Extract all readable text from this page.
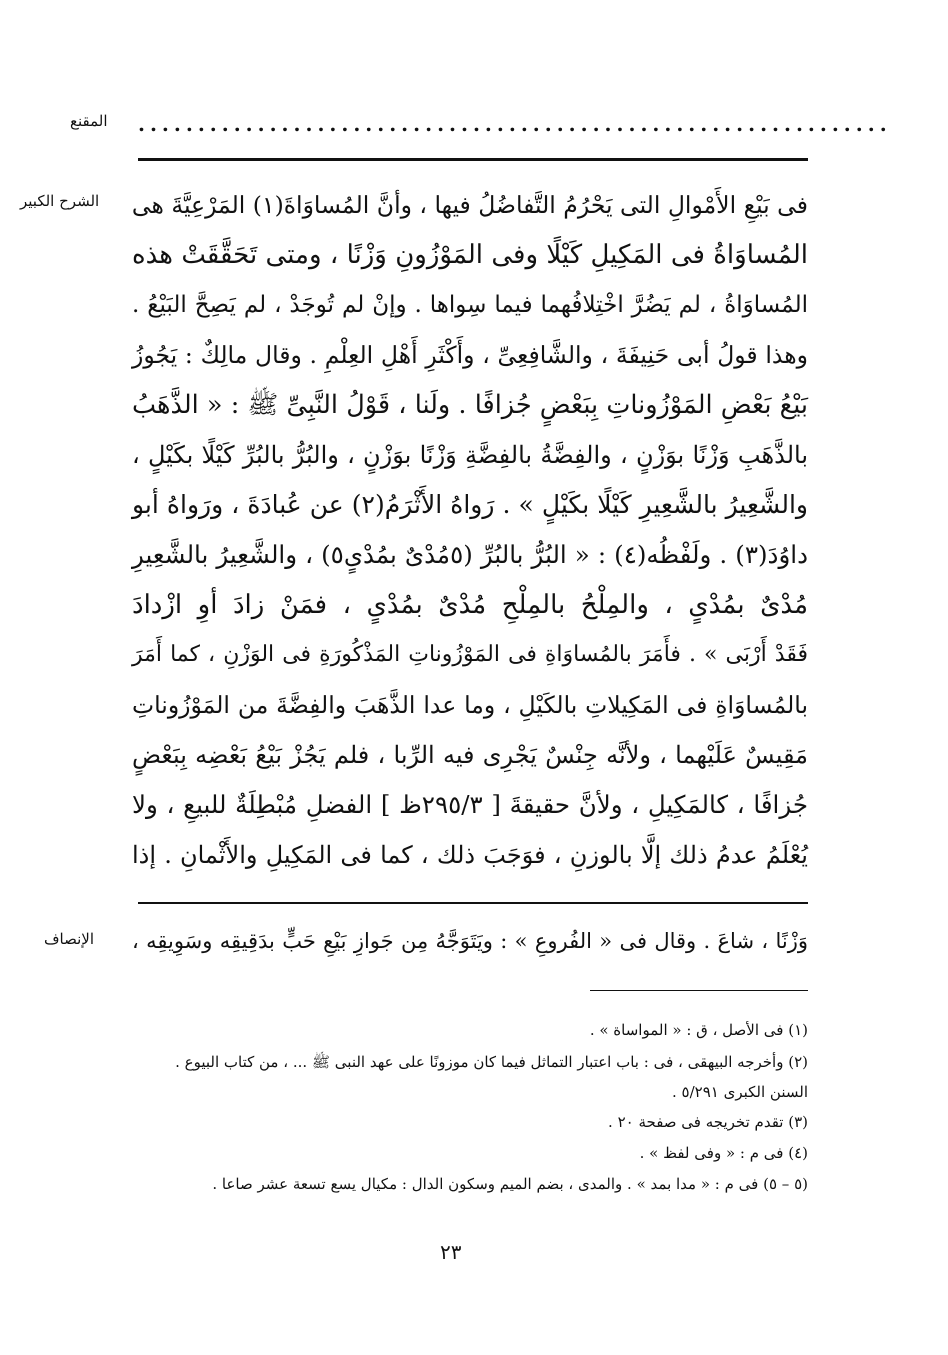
المقنع ...............................................................
الشرح الكبير
الإنصاف
فى بَيْعِ الأَمْوالِ التى يَحْرُمُ التَّفاضُلُ فيها ، وأنَّ المُساوَاةَ(١) المَرْعِيَّةَ هى
المُساوَاةُ فى المَكِيلِ كَيْلًا وفى المَوْزُونِ وَزْنًا ، ومتى تَحَقَّقَتْ هذه
المُساوَاةُ ، لم يَضُرَّ اخْتِلافُهما فيما سِواها . وإنْ لم تُوجَدْ ، لم يَصِحَّ البَيْعُ .
وهذا قولُ أبى حَنِيفَةَ ، والشَّافِعِىِّ ، وأَكْثَرِ أَهْلِ العِلْمِ . وقال مالِكٌ : يَجُوزُ
بَيْعُ بَعْضِ المَوْزُوناتِ بِبَعْضٍ جُزافًا . ولَنا ، قَوْلُ النَّبِىِّ ﷺ : « الذَّهَبُ
بالذَّهَبِ وَزْنًا بوَزْنٍ ، والفِضَّةُ بالفِضَّةِ وَزْنًا بوَزْنٍ ، والبُرُّ بالبُرِّ كَيْلًا بكَيْلٍ ،
والشَّعِيرُ بالشَّعِيرِ كَيْلًا بكَيْلٍ » . رَواهُ الأَثْرَمُ(٢) عن عُبادَةَ ، ورَواهُ أبو
داوُدَ(٣) . ولَفْظُه(٤) : « البُرُّ بالبُرِّ (٥مُدْىٌ بمُدْىٍ٥) ، والشَّعِيرُ بالشَّعِيرِ
مُدْىٌ بمُدْىٍ ، والمِلْحُ بالمِلْحِ مُدْىٌ بمُدْىٍ ، فمَنْ زادَ أوِ ازْدادَ
فَقَدْ أَرْبَى » . فأَمَرَ بالمُساوَاةِ فى المَوْزُوناتِ المَذْكُورَةِ فى الوَزْنِ ، كما أَمَرَ
بالمُساوَاةِ فى المَكِيلاتِ بالكَيْلِ ، وما عدا الذَّهَبَ والفِضَّةَ من المَوْزُوناتِ
مَقِيسٌ عَلَيْهما ، ولأنَّه جِنْسٌ يَجْرِى فيه الرِّبا ، فلم يَجُزْ بَيْعُ بَعْضِه بِبَعْضٍ
جُزافًا ، كالمَكِيلِ ، ولأنَّ حقيقةَ [ ٢٩٥/٣ظ ] الفضلِ مُبْطِلَةٌ للبيعِ ، ولا
يُعْلَمُ عدمُ ذلك إلَّا بالوزنِ ، فوَجَبَ ذلك ، كما فى المَكِيلِ والأَثْمانِ . إذا
وَزْنًا ، شاعَ . وقال فى « الفُروعِ » : ويَتَوَجَّهُ مِن جَوازِ بَيْعِ حَبٍّ بدَقِيقِه وسَوِيقِه ،
(١) فى الأصل ، ق : « المواساة » .
(٢) وأخرجه البيهقى ، فى : باب اعتبار التماثل فيما كان موزونًا على عهد النبى ﷺ ... ، من كتاب البيوع .
السنن الكبرى ٥/٢٩١ .
(٣) تقدم تخريجه فى صفحة ٢٠ .
(٤) فى م : « وفى لفظ » .
(٥ – ٥) فى م : « مدا بمد » . والمدى ، بضم الميم وسكون الدال : مكيال يسع تسعة عشر صاعا .
٢٣
